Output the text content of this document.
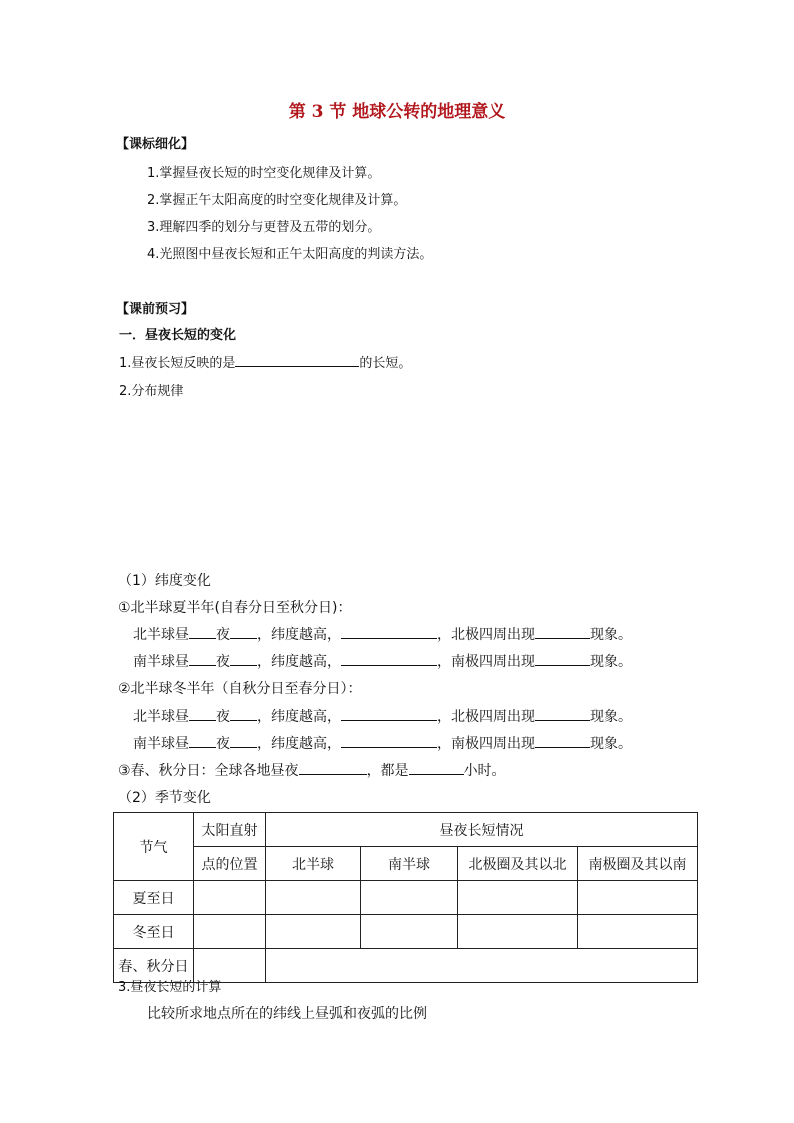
第 3 节 地球公转的地理意义
【课标细化】
1.掌握昼夜长短的时空变化规律及计算。
2.掌握正午太阳高度的时空变化规律及计算。
3.理解四季的划分与更替及五带的划分。
4.光照图中昼夜长短和正午太阳高度的判读方法。
【课前预习】
一．昼夜长短的变化
1.昼夜长短反映的是	的长短。
2.分布规律
（1）纬度变化
①北半球夏半年(自春分日至秋分日)：
北半球昼 夜 ，纬度越高，	，北极四周出现	现象。
南半球昼 夜 ，纬度越高，	，南极四周出现	现象。
②北半球冬半年（自秋分日至春分日）：
北半球昼 夜 ，纬度越高，	，北极四周出现	现象。
南半球昼 夜 ，纬度越高，	，南极四周出现	现象。
③春、秋分日：全球各地昼夜	，都是	小时。
（2）季节变化
节气	太阳直射	昼夜长短情况			
	点的位置	北半球	南半球	北极圈及其以北	南极圈及其以南
夏至日					
冬至日					
春、秋分日					
3.昼夜长短的计算
比较所求地点所在的纬线上昼弧和夜弧的比例
